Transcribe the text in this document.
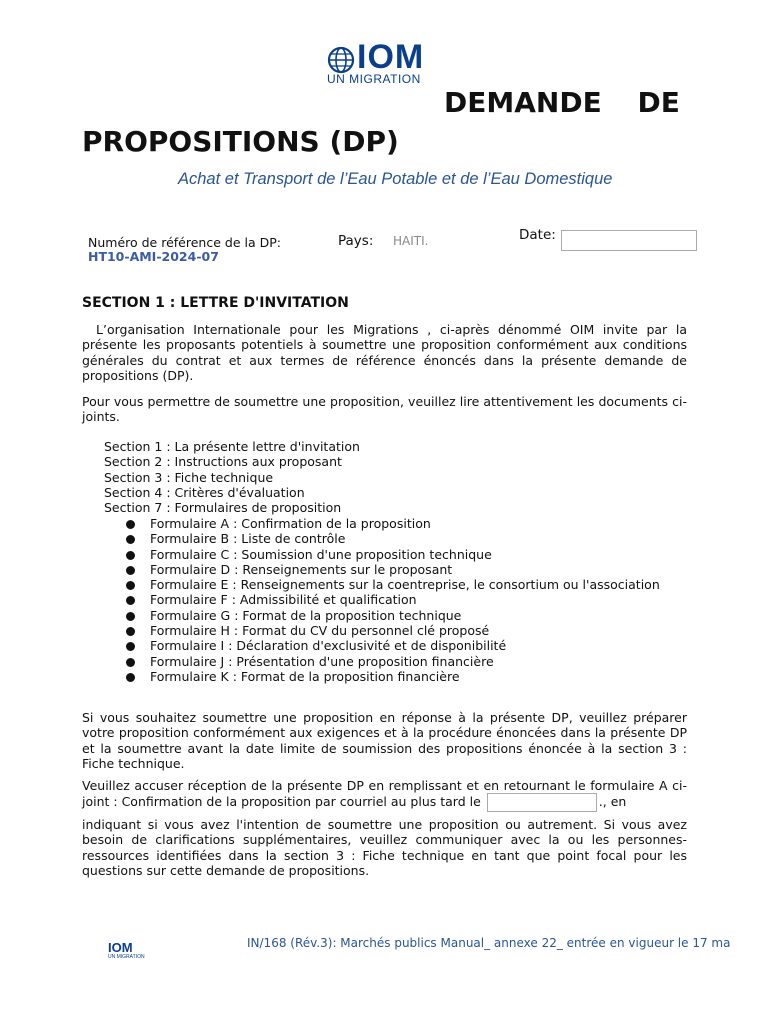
IOM
UN MIGRATION
DEMANDE DE
PROPOSITIONS (DP)
Achat et Transport de l’Eau Potable et de l’Eau Domestique
Numéro de référence de la DP:
HT10-AMI-2024-07
Pays: HAITI.	Date:
SECTION 1 : LETTRE D'INVITATION
L’organisation Internationale pour les Migrations , ci-après dénommé OIM invite par la présente les proposants potentiels à soumettre une proposition conformément aux conditions générales du contrat et aux termes de référence énoncés dans la présente demande de propositions (DP).
Pour vous permettre de soumettre une proposition, veuillez lire attentivement les documents ci-joints.
Section 1 : La présente lettre d'invitation
Section 2 : Instructions aux proposant
Section 3 : Fiche technique
Section 4 : Critères d'évaluation
Section 7 : Formulaires de proposition
Formulaire A : Confirmation de la proposition
Formulaire B : Liste de contrôle
Formulaire C : Soumission d'une proposition technique
Formulaire D : Renseignements sur le proposant
Formulaire E : Renseignements sur la coentreprise, le consortium ou l'association
Formulaire F : Admissibilité et qualification
Formulaire G : Format de la proposition technique
Formulaire H : Format du CV du personnel clé proposé
Formulaire I : Déclaration d'exclusivité et de disponibilité
Formulaire J : Présentation d'une proposition financière
Formulaire K : Format de la proposition financière
Si vous souhaitez soumettre une proposition en réponse à la présente DP, veuillez préparer votre proposition conformément aux exigences et à la procédure énoncées dans la présente DP et la soumettre avant la date limite de soumission des propositions énoncée à la section 3 : Fiche technique.
Veuillez accuser réception de la présente DP en remplissant et en retournant le formulaire A ci-joint : Confirmation de la proposition par courriel au plus tard le	., en
indiquant si vous avez l'intention de soumettre une proposition ou autrement. Si vous avez besoin de clarifications supplémentaires, veuillez communiquer avec la ou les personnes-ressources identifiées dans la section 3 : Fiche technique en tant que point focal pour les questions sur cette demande de propositions.
IOM
UN MIGRATION
IN/168 (Rév.3): Marchés publics Manual_ annexe 22_ entrée en vigueur le 17 ma
